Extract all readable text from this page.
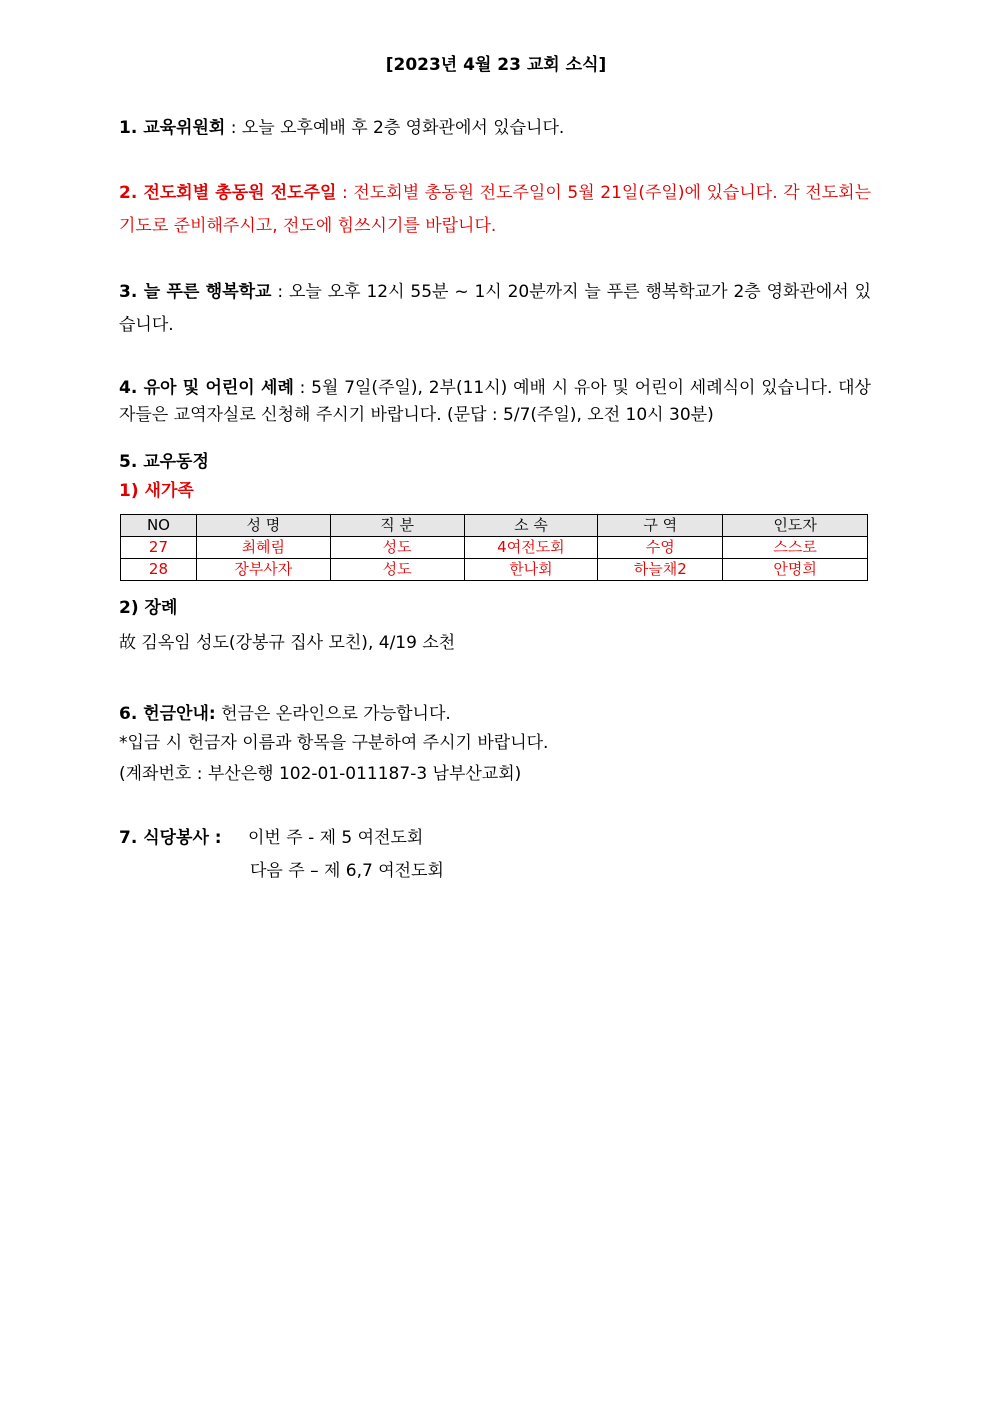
[2023년 4월 23 교회 소식]
1. 교육위원회 : 오늘 오후예배 후 2층 영화관에서 있습니다.
2. 전도회별 총동원 전도주일 : 전도회별 총동원 전도주일이 5월 21일(주일)에 있습니다. 각 전도회는 기도로 준비해주시고, 전도에 힘쓰시기를 바랍니다.
3. 늘 푸른 행복학교 : 오늘 오후 12시 55분 ~ 1시 20분까지 늘 푸른 행복학교가 2층 영화관에서 있습니다.
4. 유아 및 어린이 세례 : 5월 7일(주일), 2부(11시) 예배 시 유아 및 어린이 세례식이 있습니다. 대상자들은 교역자실로 신청해 주시기 바랍니다. (문답 : 5/7(주일), 오전 10시 30분)
5. 교우동정
1) 새가족
NO	성 명	직 분	소 속	구 역	인도자
27	최혜림	성도	4여전도회	수영	스스로
28	장부사자	성도	한나회	하늘채2	안명희
2) 장례
故 김옥임 성도(강봉규 집사 모친), 4/19 소천
6. 헌금안내: 헌금은 온라인으로 가능합니다.
*입금 시 헌금자 이름과 항목을 구분하여 주시기 바랍니다.
(계좌번호 : 부산은행 102-01-011187-3 남부산교회)
7. 식당봉사 : 이번 주 - 제 5 여전도회
다음 주 – 제 6,7 여전도회
